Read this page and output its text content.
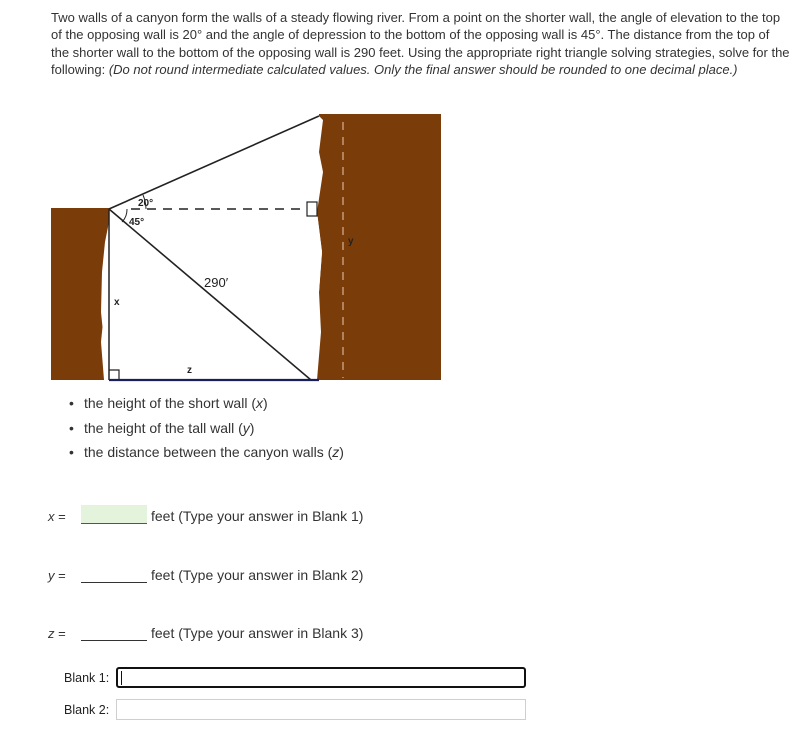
Two walls of a canyon form the walls of a steady flowing river. From a point on the shorter wall, the angle of elevation to the top of the opposing wall is 20° and the angle of depression to the bottom of the opposing wall is 45°. The distance from the top of the shorter wall to the bottom of the opposing wall is 290 feet. Using the appropriate right triangle solving strategies, solve for the following: (Do not round intermediate calculated values. Only the final answer should be rounded to one decimal place.)
20°
45°
290′
x
y
z
• the height of the short wall (x)
• the height of the tall wall (y)
• the distance between the canyon walls (z)
x =	feet (Type your answer in Blank 1)
y =	feet (Type your answer in Blank 2)
z =	feet (Type your answer in Blank 3)
Blank 1:
Blank 2:
